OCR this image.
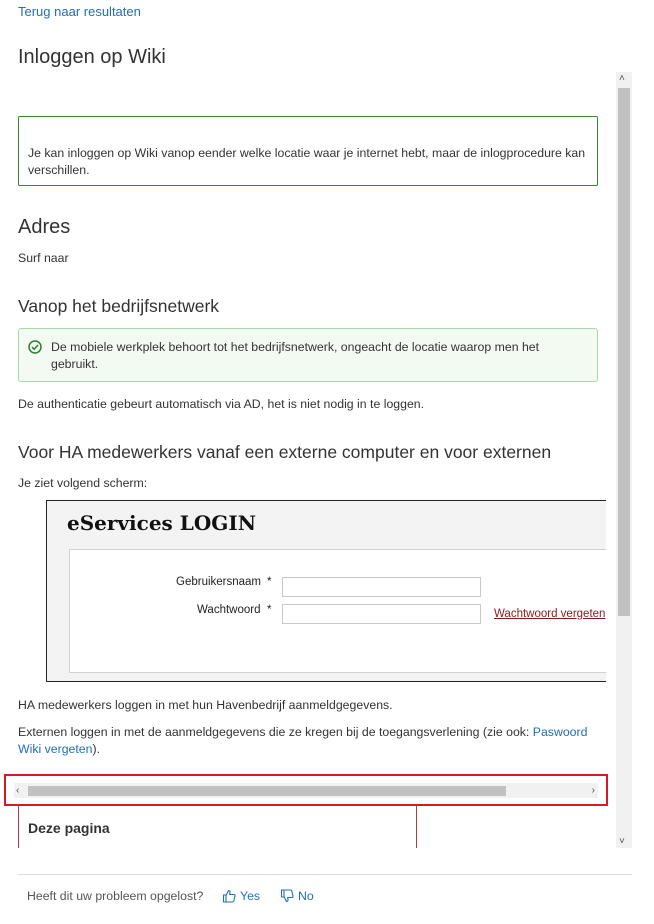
Terug naar resultaten
Inloggen op Wiki

Je kan inloggen op Wiki vanop eender welke locatie waar je internet hebt, maar de inlogprocedure kan verschillen.

Adres
Surf naar
Vanop het bedrijfsnetwerk

De mobiele werkplek behoort tot het bedrijfsnetwerk, ongeacht de locatie waarop men het gebruikt.

De authenticatie gebeurt automatisch via AD, het is niet nodig in te loggen.
Voor HA medewerkers vanaf een externe computer en voor externen
Je ziet volgend scherm:
eServices LOGIN
Gebruikersnaam *
Wachtwoord *	Wachtwoord vergeten
HA medewerkers loggen in met hun Havenbedrijf aanmeldgegevens.
Externen loggen in met de aanmeldgegevens die ze kregen bij de toegangsverlening (zie ook: Paswoord Wiki vergeten).
Deze pagina
‹	›
˄
˅
Heeft dit uw probleem opgelost?	Yes	No
